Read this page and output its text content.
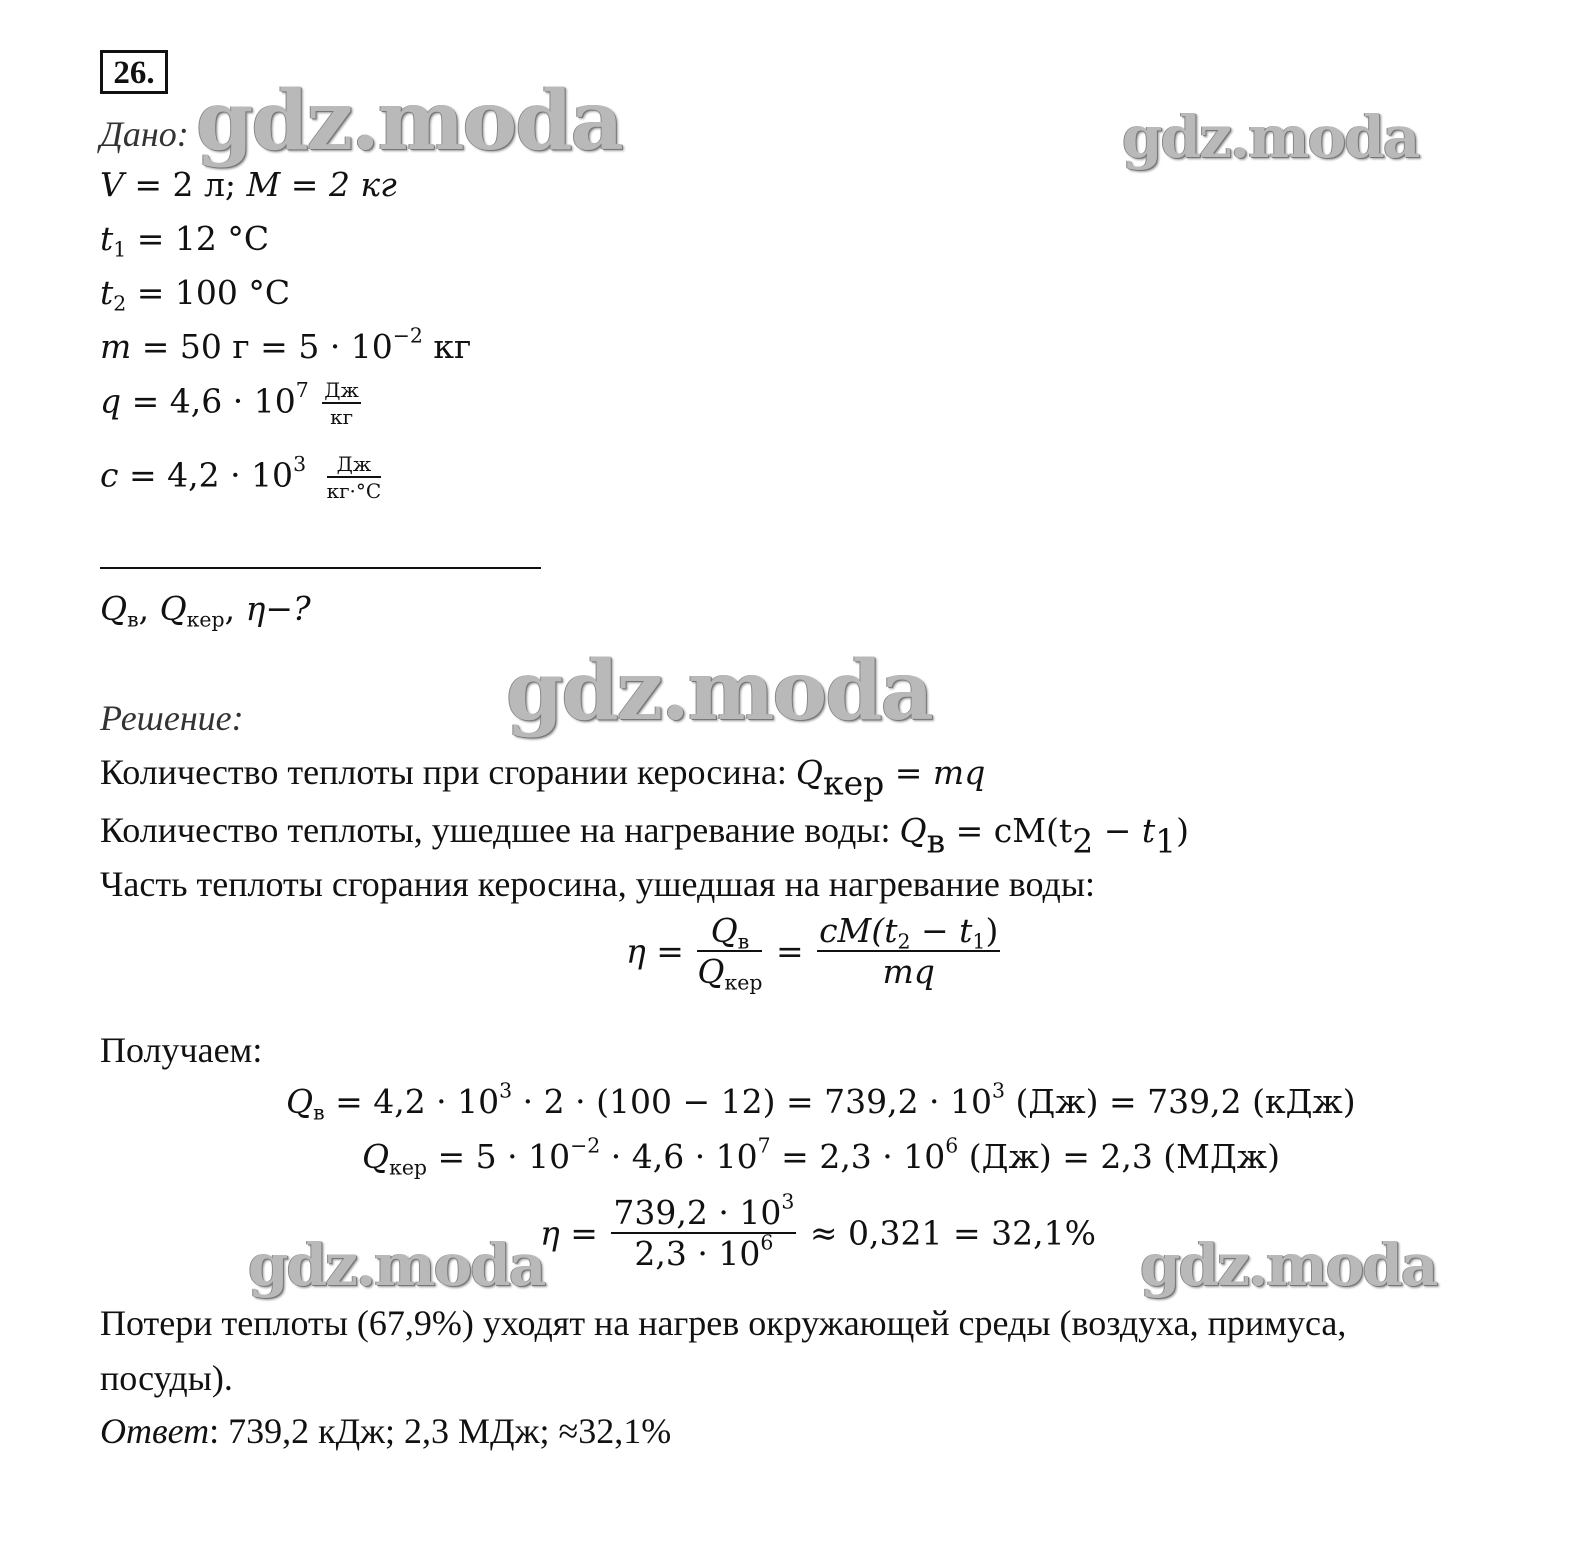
26.
Дано:
V = 2 л; M = 2 кг
$t_1 = 12$ °C
$t_2 = 100$ °C
m = 50 $г = 5 \cdot 10^{-2}$ кг
$q = 4,6 \cdot 10^7 \frac{Дж}{кг}$
$c = 4,2 \cdot 10^3 \frac{Дж}{кг\cdot^\circ C}$
$Q_в$, $Q_{кер}$, η−?
Решение:
Количество теплоты при сгорании керосина: $Q_{кер}$ = mq
Количество теплоты, ушедшее на нагревание воды: $Q_в = cM(t_2 - t_1)$
Часть теплоты сгорания керосина, ушедшая на нагревание воды:
$\eta = \frac{Q_в}{Q_{кер}} = \frac{cM(t_2 - t_1)}{mq}$
Получаем:
$Q_в = 4,2 \cdot 10^3 \cdot 2 \cdot (100 - 12) = 739,2 \cdot 10^3$ (Дж) = 739,2 (кДж)
$Q_{кер} = 5 \cdot 10^{-2} \cdot 4,6 \cdot 10^7 = 2,3 \cdot 10^6$ (Дж) = 2,3 (МДж)
$\eta = \frac{739,2 \cdot 10^3}{2,3 \cdot 10^6} \approx 0,321 = 32,1\%$
Потери теплоты (67,9%) уходят на нагрев окружающей среды (воздуха, примуса,
посуды).
Ответ: 739,2 кДж; 2,3 МДж; ≈32,1%
gdz.moda	gdz.moda
gdz.moda
gdz.moda	gdz.moda
